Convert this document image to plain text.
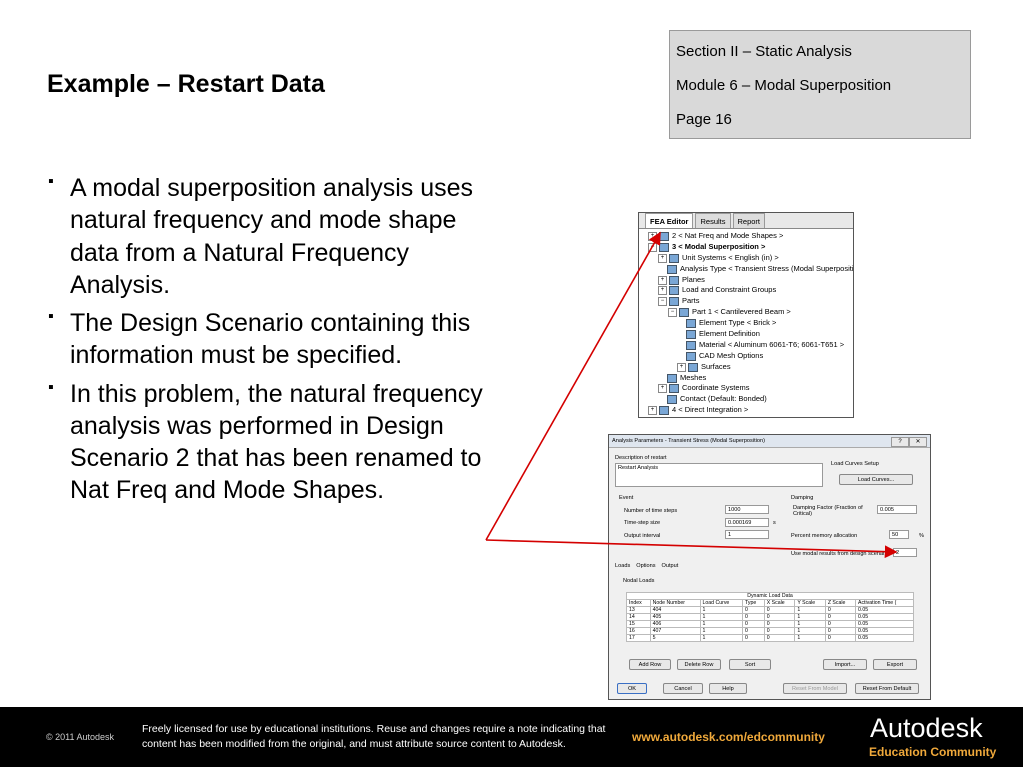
Example – Restart Data
Section II – Static Analysis
Module 6 – Modal Superposition
Page 16
▪ A modal superposition analysis uses natural frequency and mode shape data from a Natural Frequency Analysis.
▪ The Design Scenario containing this information must be specified.
▪ In this problem, the natural frequency analysis was performed in Design Scenario 2 that has been renamed to Nat Freq and Mode Shapes.
FEA Editor Results Report
+	2 < Nat Freq and Mode Shapes >
−	3 < Modal Superposition >
+	Unit Systems < English (in) >
Analysis Type < Transient Stress (Modal Superpositi
+	Planes
+	Load and Constraint Groups
−	Parts
−	Part 1 < Cantilevered Beam >
Element Type < Brick >
Element Definition
Material < Aluminum 6061-T6; 6061-T651 >
CAD Mesh Options
+	Surfaces
Meshes
+	Coordinate Systems
Contact (Default: Bonded)
+	4 < Direct Integration >
Analysis Parameters - Transient Stress (Modal Superposition)	?	✕
Description of restart
Restart Analysis
Load Curves Setup
Load Curves...
Event
Number of time steps	1000
Time-step size	0.000169	s
Output interval	1
Damping
Damping Factor (Fraction of Critical)
0.005
Percent memory allocation	50	%
Use modal results from design scenario	2
Loads Options Output
Nodal Loads
Dynamic Load Data							
Index	Node Number	Load Curve	Type	X Scale	Y Scale	Z Scale	Activation Time (
13	404	1	0	0	1	0	0.05
14	405	1	0	0	1	0	0.05
15	406	1	0	0	1	0	0.05
16	407	1	0	0	1	0	0.05
17	5	1	0	0	1	0	0.05
Add Row	Delete Row	Sort	Import...	Export
OK	Cancel	Help	Reset From Model	Reset From Default
© 2011 Autodesk
Freely licensed for use by educational institutions. Reuse and changes require a note indicating that content has been modified from the original, and must attribute source content to Autodesk.
www.autodesk.com/edcommunity Autodesk
Education Community
